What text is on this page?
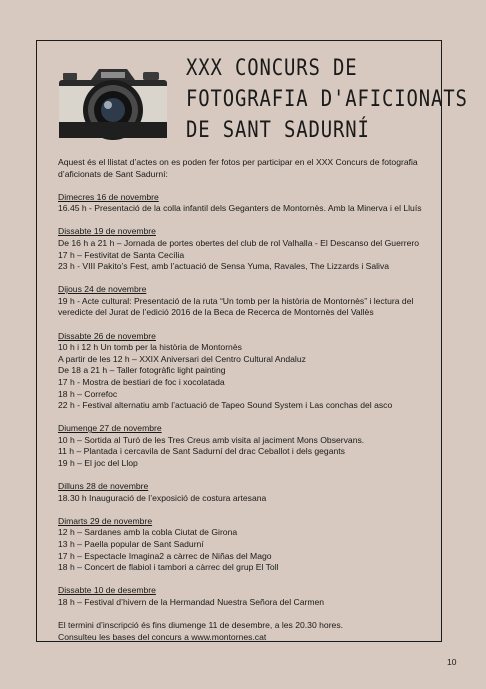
XXX CONCURS DE
FOTOGRAFIA D'AFICIONATS
DE SANT SADURNÍ

Aquest és el llistat d’actes on es poden fer fotos per participar en el XXX Concurs de fotografia d’aficionats de Sant Sadurní:

Dimecres 16 de novembre

16.45 h - Presentació de la colla infantil dels Geganters de Montornès. Amb la Minerva i el Lluís

Dissabte 19 de novembre

De 16 h a 21 h – Jornada de portes obertes del club de rol Valhalla - El Descanso del Guerrero

17 h – Festivitat de Santa Cecília

23 h - VIII Pakito’s Fest, amb l’actuació de Sensa Yuma, Ravales, The Lizzards i Saliva

Dijous 24 de novembre

19 h - Acte cultural: Presentació de la ruta “Un tomb per la història de Montornès” i lectura del veredicte del Jurat de l’edició 2016 de la Beca de Recerca de Montornès del Vallès

Dissabte 26 de novembre

10 h i 12 h Un tomb per la història de Montornès

A partir de les 12 h – XXIX Aniversari del Centro Cultural Andaluz

De 18 a 21 h – Taller fotogràfic light painting

17 h - Mostra de bestiari de foc i xocolatada

18 h – Correfoc

22 h - Festival alternatiu amb l’actuació de Tapeo Sound System i Las conchas del asco

Diumenge 27 de novembre

10 h – Sortida al Turó de les Tres Creus amb visita al jaciment Mons Observans.

11 h – Plantada i cercavila de Sant Sadurní del drac Ceballot i dels gegants

19 h – El joc del Llop

Dilluns 28 de novembre

18.30 h Inauguració de l’exposició de costura artesana

Dimarts 29 de novembre

12 h – Sardanes amb la cobla Ciutat de Girona

13 h – Paella popular de Sant Sadurní

17 h – Espectacle Imagina2 a càrrec de Niñas del Mago

18 h – Concert de flabiol i tambori a càrrec del grup El Toll

Dissabte 10 de desembre

18 h – Festival d’hivern de la Hermandad Nuestra Señora del Carmen

El termini d’inscripció és fins diumenge 11 de desembre, a les 20.30 hores.

Consulteu les bases del concurs a www.montornes.cat

10
